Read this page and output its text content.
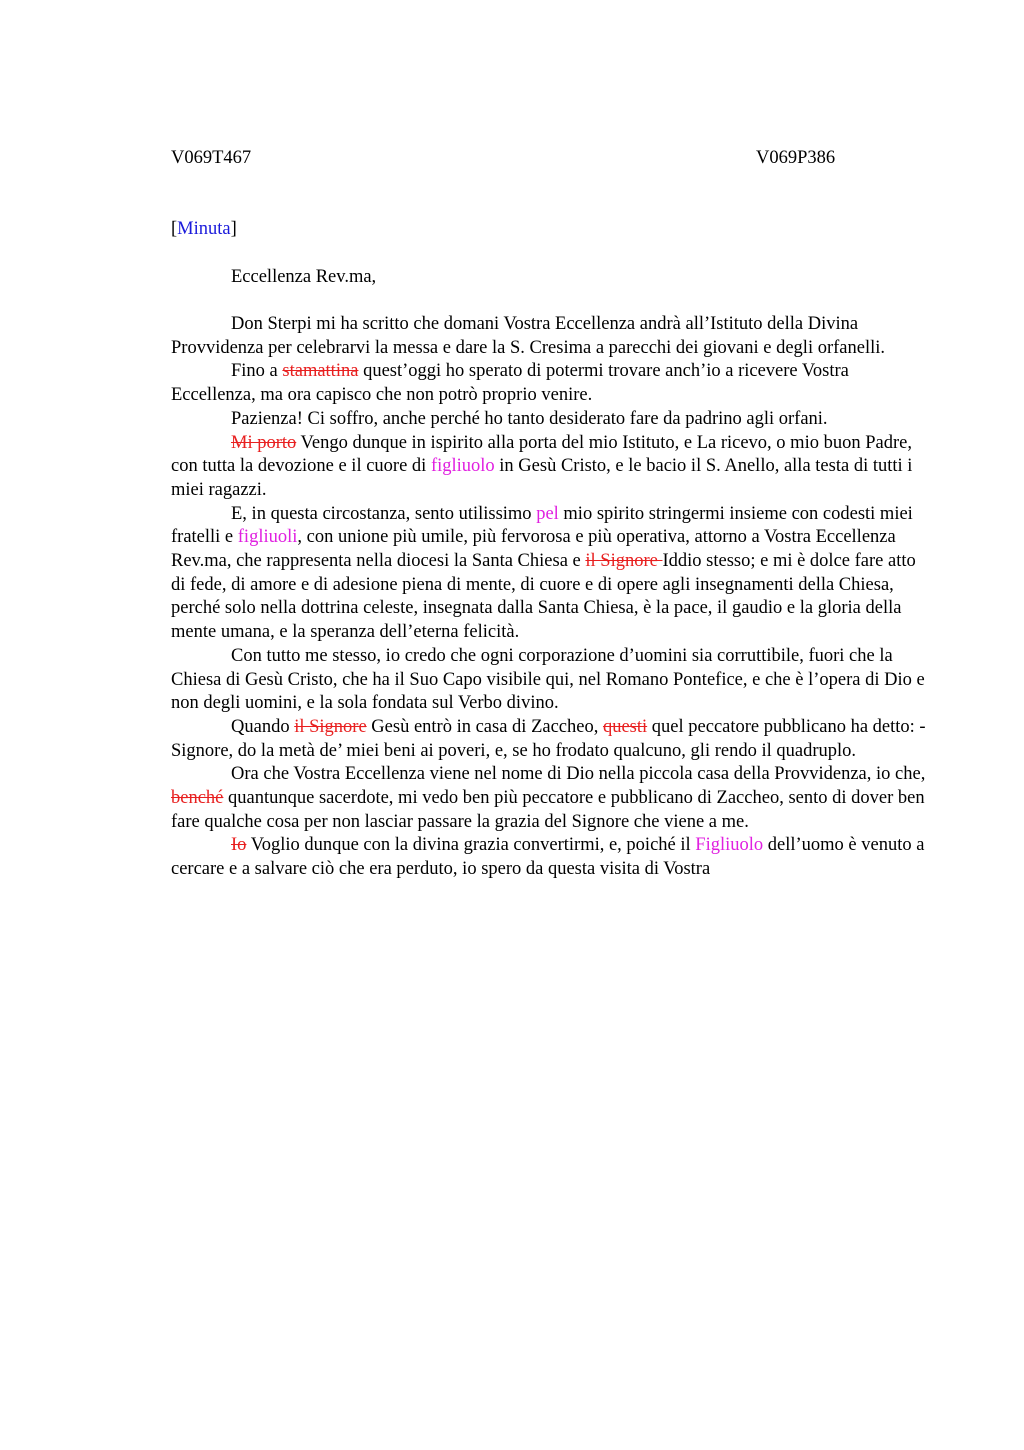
V069T467	V069P386
[Minuta]
Eccellenza Rev.ma,

Don Sterpi mi ha scritto che domani Vostra Eccellenza andrà all’Istituto della Divina Provvidenza per celebrarvi la messa e dare la S. Cresima a parecchi dei giovani e degli orfanelli.

Fino a stamattina quest’oggi ho sperato di potermi trovare anch’io a ricevere Vostra Eccellenza, ma ora capisco che non potrò proprio venire.

Pazienza! Ci soffro, anche perché ho tanto desiderato fare da padrino agli orfani.

Mi porto Vengo dunque in ispirito alla porta del mio Istituto, e La ricevo, o mio buon Padre, con tutta la devozione e il cuore di figliuolo in Gesù Cristo, e le bacio il S. Anello, alla testa di tutti i miei ragazzi.

E, in questa circostanza, sento utilissimo pel mio spirito stringermi insieme con codesti miei fratelli e figliuoli, con unione più umile, più fervorosa e più operativa, attorno a Vostra Eccellenza Rev.ma, che rappresenta nella diocesi la Santa Chiesa e il Signore Iddio stesso; e mi è dolce fare atto di fede, di amore e di adesione piena di mente, di cuore e di opere agli insegnamenti della Chiesa, perché solo nella dottrina celeste, insegnata dalla Santa Chiesa, è la pace, il gaudio e la gloria della mente umana, e la speranza dell’eterna felicità.

Con tutto me stesso, io credo che ogni corporazione d’uomini sia corruttibile, fuori che la Chiesa di Gesù Cristo, che ha il Suo Capo visibile qui, nel Romano Pontefice, e che è l’opera di Dio e non degli uomini, e la sola fondata sul Verbo divino.

Quando il Signore Gesù entrò in casa di Zaccheo, questi quel peccatore pubblicano ha detto: - Signore, do la metà de’ miei beni ai poveri, e, se ho frodato qualcuno, gli rendo il quadruplo.

Ora che Vostra Eccellenza viene nel nome di Dio nella piccola casa della Provvidenza, io che, benché quantunque sacerdote, mi vedo ben più peccatore e pubblicano di Zaccheo, sento di dover ben fare qualche cosa per non lasciar passare la grazia del Signore che viene a me.

Io Voglio dunque con la divina grazia convertirmi, e, poiché il Figliuolo dell’uomo è venuto a cercare e a salvare ciò che era perduto, io spero da questa visita di Vostra
